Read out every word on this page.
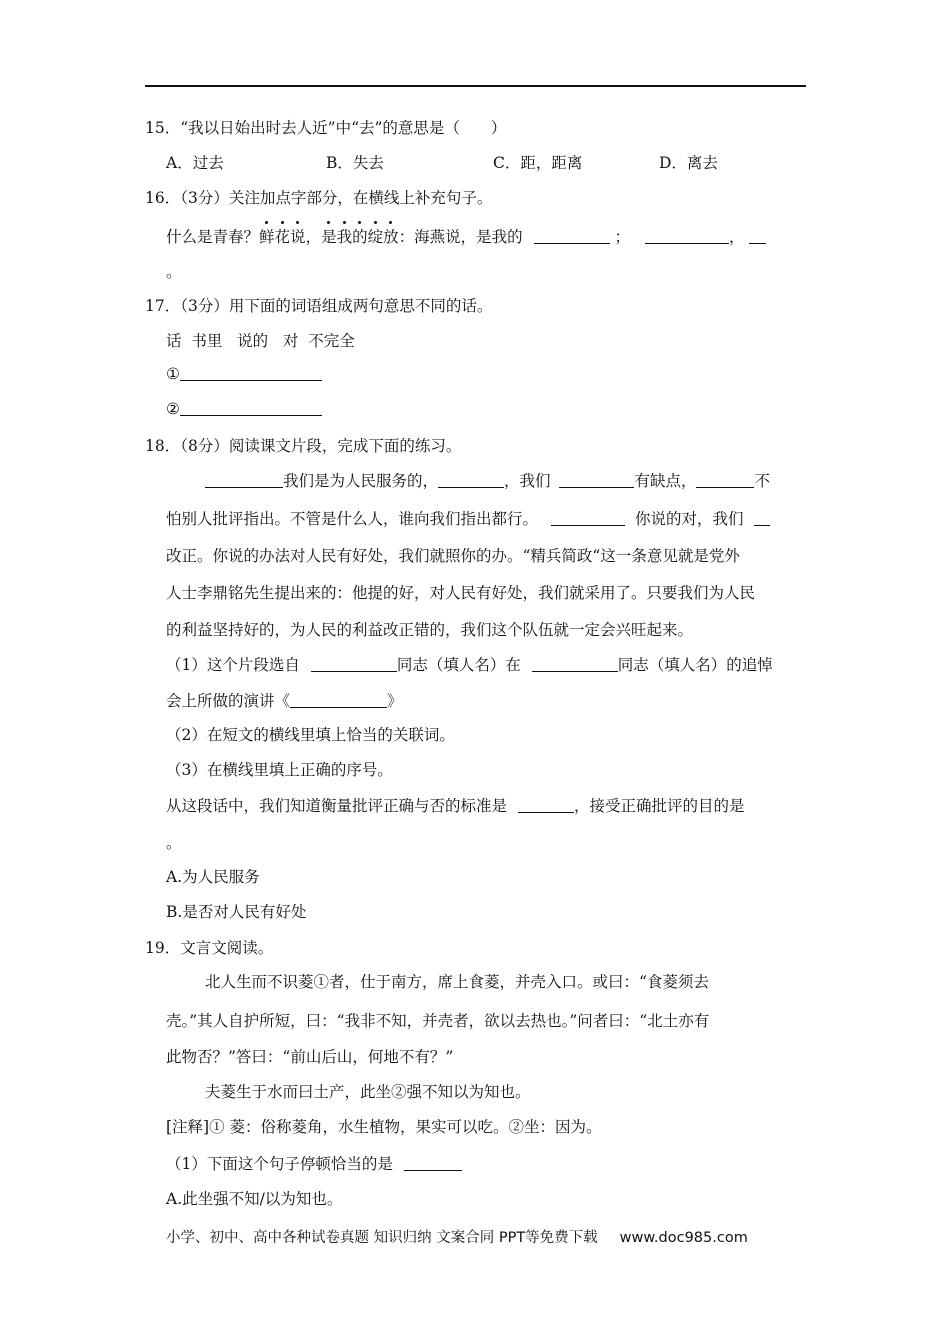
15．“我以日始出时去人近”中“去”的意思是（　　）
A．过去	B．失去	C．距，距离	D．离去
16．（3分）关注加点字部分，在横线上补充句子。
什么是青春？鲜花说，是我的绽放：海燕说，是我的	；	，
。
17．（3分）用下面的词语组成两句意思不同的话。
话  书里   说的   对  不完全
①
②
18．（8分）阅读课文片段，完成下面的练习。
我们是为人民服务的，	，我们	有缺点，	不
怕别人批评指出。不管是什么人，谁向我们指出都行。	你说的对，我们
改正。你说的办法对人民有好处，我们就照你的办。“精兵简政“这一条意见就是党外
人士李鼎铭先生提出来的：他提的好，对人民有好处，我们就采用了。只要我们为人民
的利益坚持好的，为人民的利益改正错的，我们这个队伍就一定会兴旺起来。
（1）这个片段选自	同志（填人名）在	同志（填人名）的追悼
会上所做的演讲《	》
（2）在短文的横线里填上恰当的关联词。
（3）在横线里填上正确的序号。
从这段话中，我们知道衡量批评正确与否的标准是	，接受正确批评的目的是
。
A.为人民服务
B.是否对人民有好处
19．文言文阅读。
北人生而不识菱①者，仕于南方，席上食菱，并壳入口。或曰：“食菱须去
壳。”其人自护所短，曰：“我非不知，并壳者，欲以去热也。”问者曰：“北土亦有
此物否？”答曰：“前山后山，何地不有？”
夫菱生于水而曰土产，此坐②强不知以为知也。
[注释]① 菱：俗称菱角，水生植物，果实可以吃。②坐：因为。
（1）下面这个句子停顿恰当的是
A.此坐强不知/以为知也。
小学、初中、高中各种试卷真题 知识归纳 文案合同 PPT等免费下载 www.doc985.com
